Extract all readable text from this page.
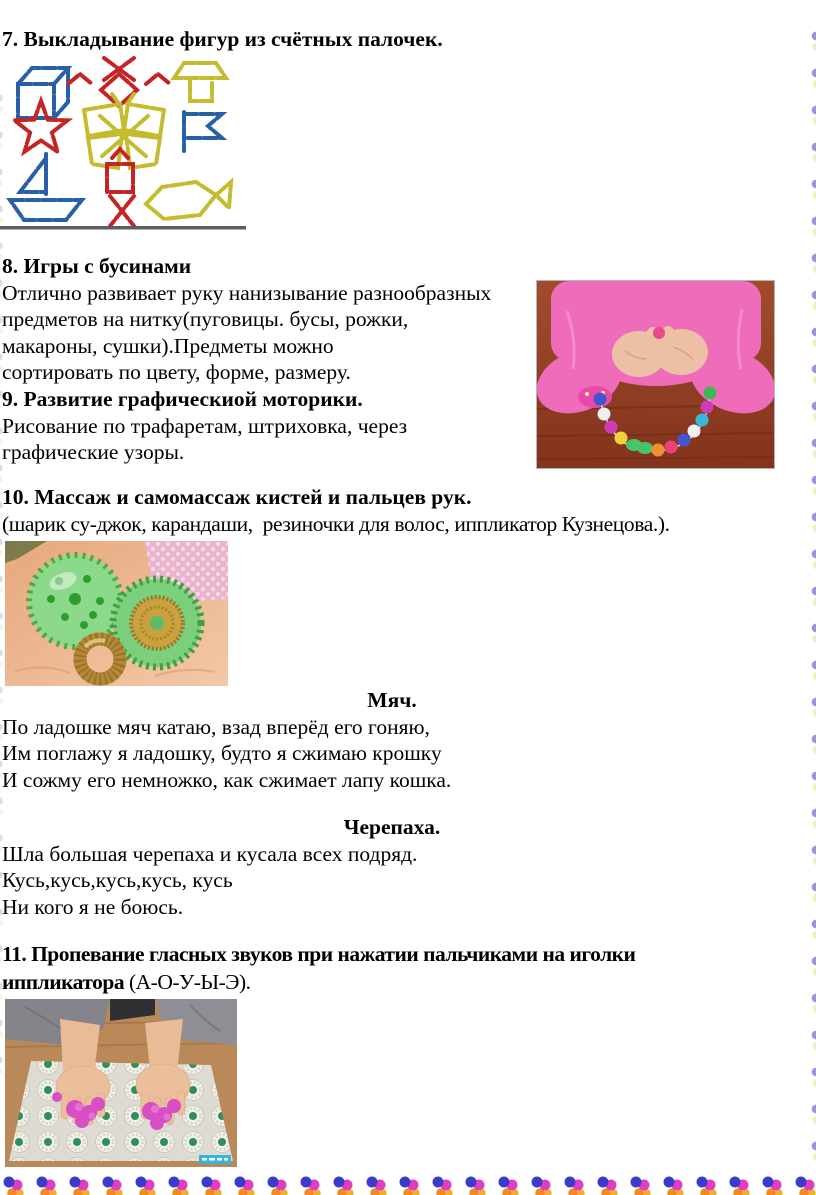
7. Выкладывание фигур из счётных палочек.
8. Игры с бусинами
Отлично развивает руку нанизывание разнообразных
предметов на нитку(пуговицы. бусы, рожки,
макароны, сушки).Предметы можно
сортировать по цвету, форме, размеру.
9. Развитие графическиой моторики.
Рисование по трафаретам, штриховка, через
графические узоры.
10. Массаж и самомассаж кистей и пальцев рук.
(шарик су-джок, карандаши,  резиночки для волос, иппликатор Кузнецова.).
Мяч.
По ладошке мяч катаю, взад вперёд его гоняю,
Им поглажу я ладошку, будто я сжимаю крошку
И сожму его немножко, как сжимает лапу кошка.
Черепаха.
Шла большая черепаха и кусала всех подряд.
Кусь,кусь,кусь,кусь, кусь
Ни кого я не боюсь.
11. Пропевание гласных звуков при нажатии пальчиками на иголки
иппликатора (А-О-У-Ы-Э).
